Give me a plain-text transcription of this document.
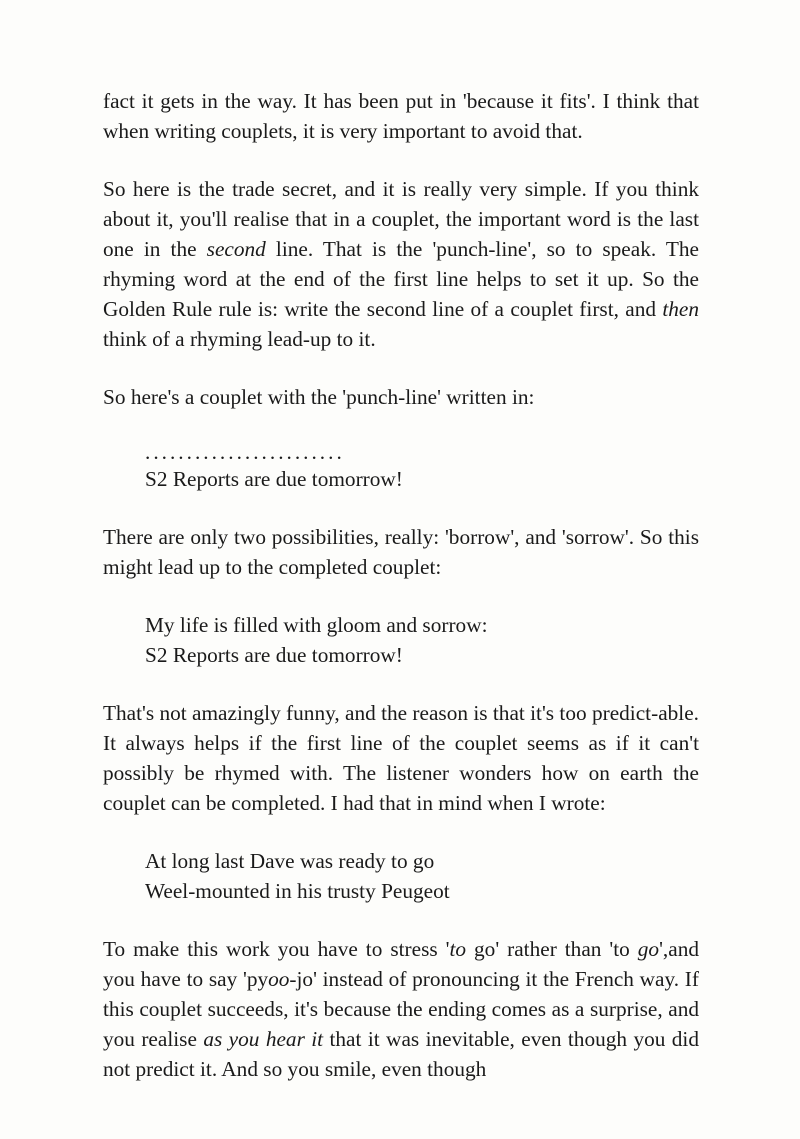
fact it gets in the way. It has been put in 'because it fits'. I think that when writing couplets, it is very important to avoid that.

So here is the trade secret, and it is really very simple. If you think about it, you'll realise that in a couplet, the important word is the last one in the second line. That is the 'punch-line', so to speak. The rhyming word at the end of the first line helps to set it up. So the Golden Rule rule is: write the second line of a couplet first, and then think of a rhyming lead-up to it.

So here's a couplet with the 'punch-line' written in:

........................
S2 Reports are due tomorrow!

There are only two possibilities, really: 'borrow', and 'sorrow'. So this might lead up to the completed couplet:

My life is filled with gloom and sorrow:
S2 Reports are due tomorrow!

That's not amazingly funny, and the reason is that it's too predict-able. It always helps if the first line of the couplet seems as if it can't possibly be rhymed with. The listener wonders how on earth the couplet can be completed. I had that in mind when I wrote:

At long last Dave was ready to go
Weel-mounted in his trusty Peugeot

To make this work you have to stress 'to go' rather than 'to go',and you have to say 'pyoo-jo' instead of pronouncing it the French way. If this couplet succeeds, it's because the ending comes as a surprise, and you realise as you hear it that it was inevitable, even though you did not predict it. And so you smile, even though
